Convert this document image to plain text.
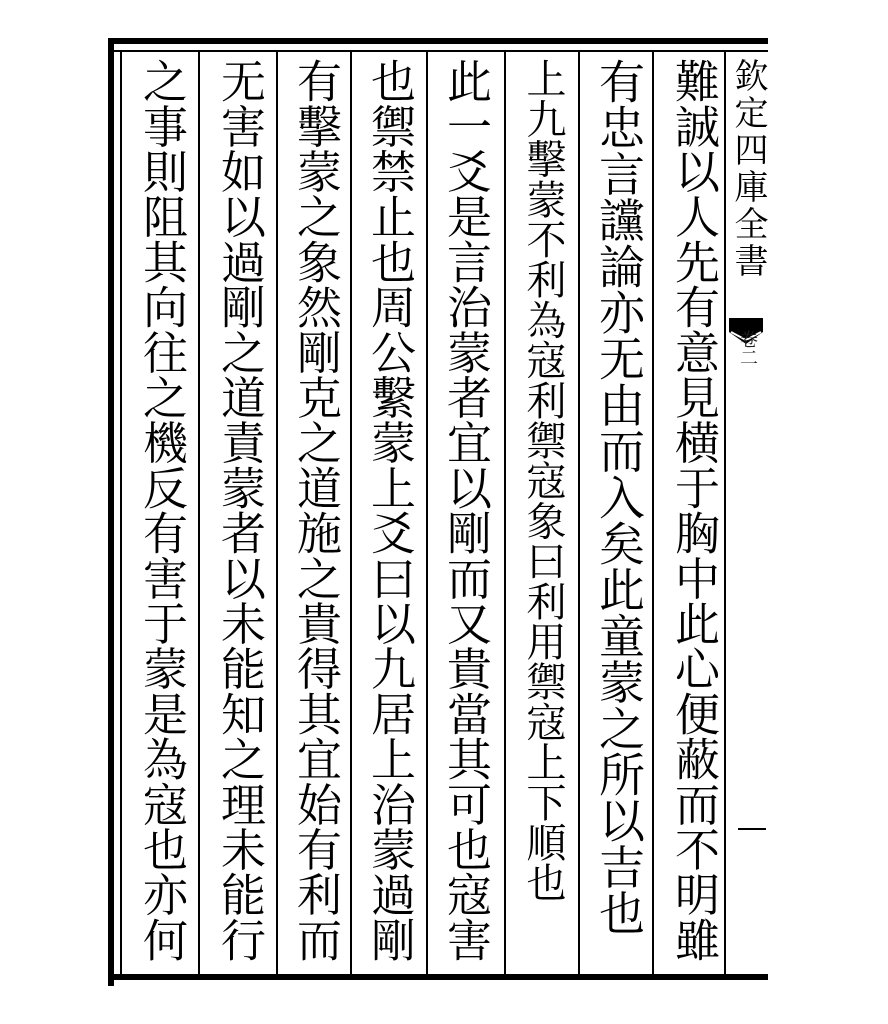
欽定四庫全書
卷二
難誠以人先有意見横于胸中此心便蔽而不明雖
有忠言讜論亦无由而入矣此童蒙之所以吉也
上九擊蒙不利為寇利禦寇象曰利用禦寇上下順也
此一爻是言治蒙者宜以剛而又貴當其可也寇害
也禦禁止也周公繫蒙上爻曰以九居上治蒙過剛
有擊蒙之象然剛克之道施之貴得其宜始有利而
无害如以過剛之道責蒙者以未能知之理未能行
之事則阻其向往之機反有害于蒙是為寇也亦何
